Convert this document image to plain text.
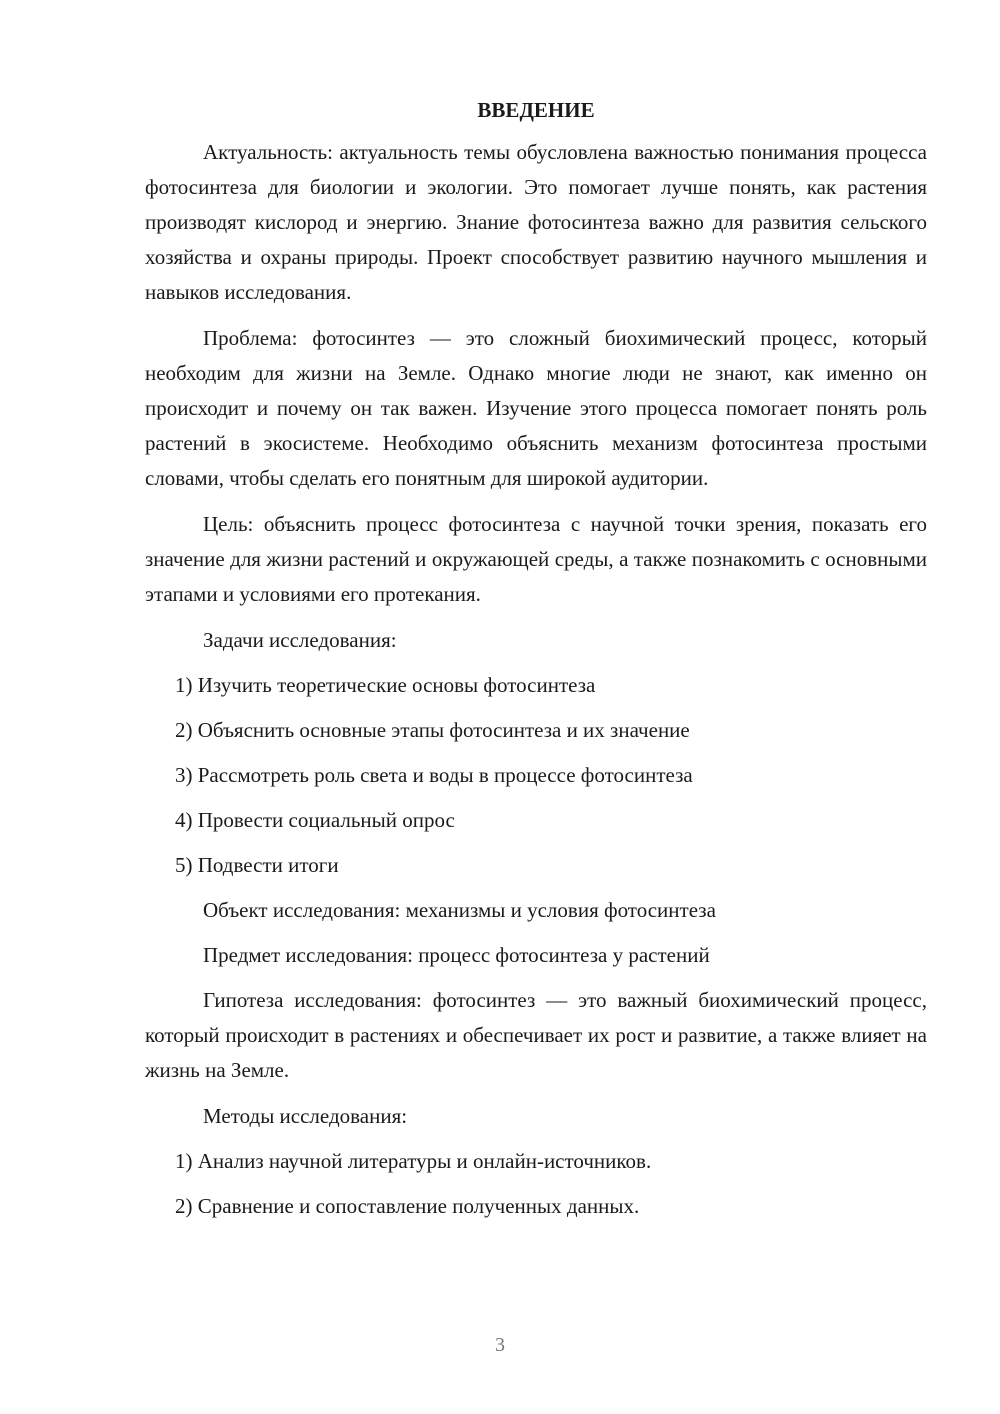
ВВЕДЕНИЕ

Актуальность: актуальность темы обусловлена важностью понимания процесса фотосинтеза для биологии и экологии. Это помогает лучше понять, как растения производят кислород и энергию. Знание фотосинтеза важно для развития сельского хозяйства и охраны природы. Проект способствует развитию научного мышления и навыков исследования.

Проблема: фотосинтез — это сложный биохимический процесс, который необходим для жизни на Земле. Однако многие люди не знают, как именно он происходит и почему он так важен. Изучение этого процесса помогает понять роль растений в экосистеме. Необходимо объяснить механизм фотосинтеза простыми словами, чтобы сделать его понятным для широкой аудитории.

Цель: объяснить процесс фотосинтеза с научной точки зрения, показать его значение для жизни растений и окружающей среды, а также познакомить с основными этапами и условиями его протекания.

Задачи исследования:
1) Изучить теоретические основы фотосинтеза
2) Объяснить основные этапы фотосинтеза и их значение
3) Рассмотреть роль света и воды в процессе фотосинтеза
4) Провести социальный опрос
5) Подвести итоги
Объект исследования: механизмы и условия фотосинтеза
Предмет исследования: процесс фотосинтеза у растений

Гипотеза исследования: фотосинтез — это важный биохимический процесс, который происходит в растениях и обеспечивает их рост и развитие, а также влияет на жизнь на Земле.

Методы исследования:
1) Анализ научной литературы и онлайн-источников.
2) Сравнение и сопоставление полученных данных.
3
